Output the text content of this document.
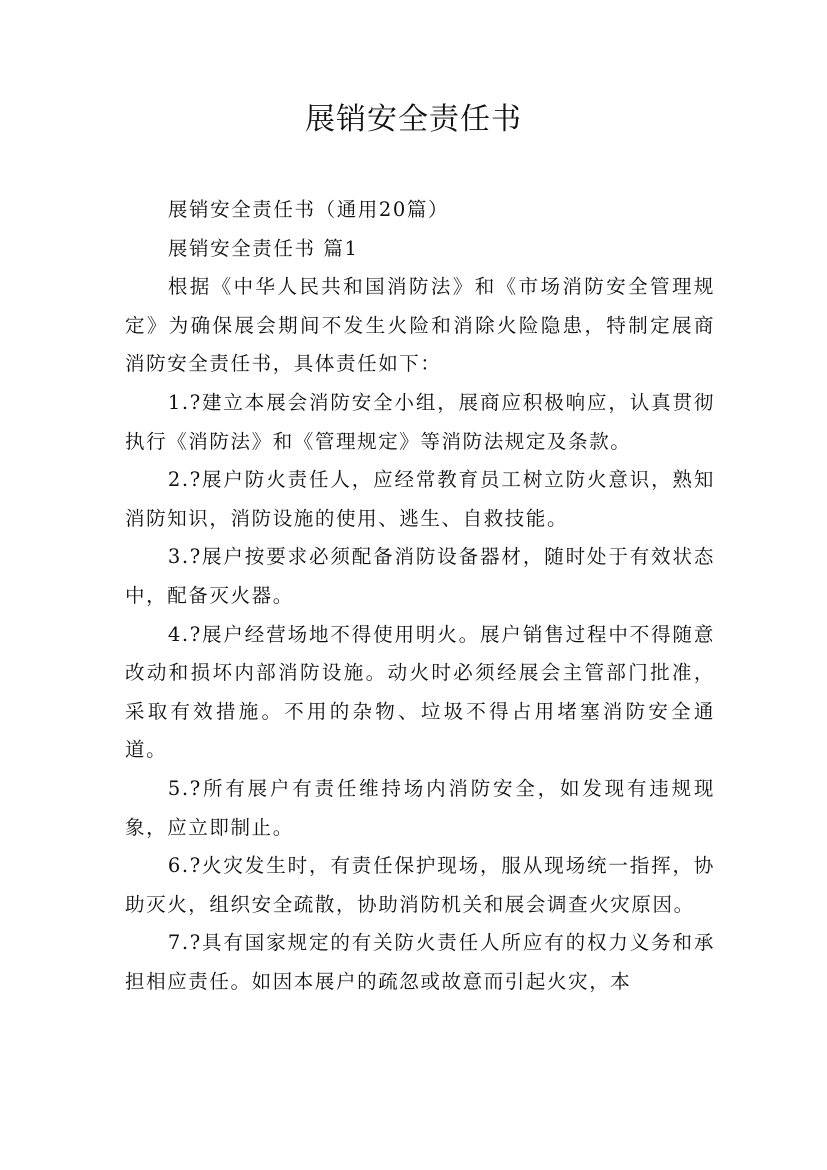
展销安全责任书

展销安全责任书（通用20篇）

展销安全责任书 篇1

根据《中华人民共和国消防法》和《市场消防安全管理规定》为确保展会期间不发生火险和消除火险隐患，特制定展商消防安全责任书，具体责任如下：

1.?建立本展会消防安全小组，展商应积极响应，认真贯彻执行《消防法》和《管理规定》等消防法规定及条款。

2.?展户防火责任人，应经常教育员工树立防火意识，熟知消防知识，消防设施的使用、逃生、自救技能。

3.?展户按要求必须配备消防设备器材，随时处于有效状态中，配备灭火器。

4.?展户经营场地不得使用明火。展户销售过程中不得随意改动和损坏内部消防设施。动火时必须经展会主管部门批准，采取有效措施。不用的杂物、垃圾不得占用堵塞消防安全通道。

5.?所有展户有责任维持场内消防安全，如发现有违规现象，应立即制止。

6.?火灾发生时，有责任保护现场，服从现场统一指挥，协助灭火，组织安全疏散，协助消防机关和展会调查火灾原因。

7.?具有国家规定的有关防火责任人所应有的权力义务和承担相应责任。如因本展户的疏忽或故意而引起火灾，本
